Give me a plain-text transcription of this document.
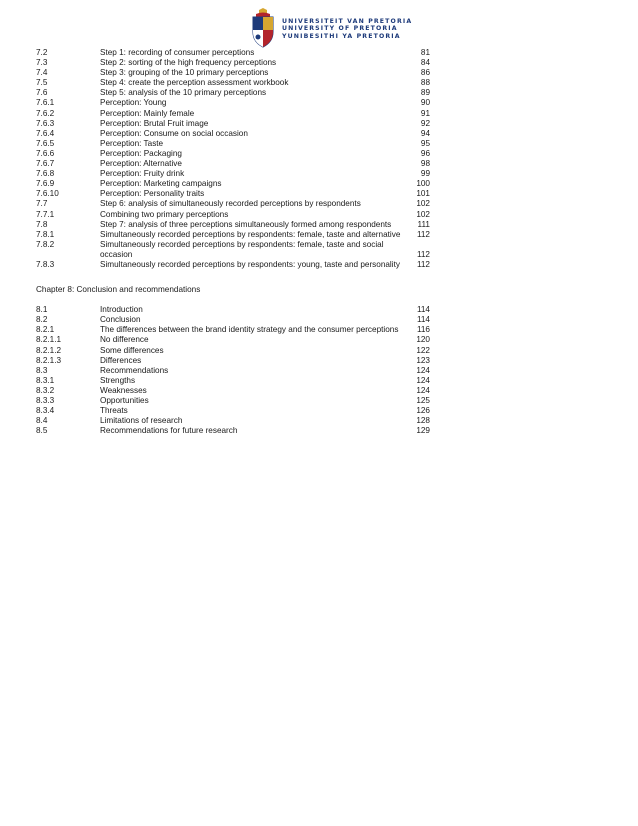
UNIVERSITEIT VAN PRETORIA
UNIVERSITY OF PRETORIA
YUNIBESITHI YA PRETORIA
7.2	Step 1: recording of consumer perceptions	81
7.3	Step 2: sorting of the high frequency perceptions	84
7.4	Step 3: grouping of the 10 primary perceptions	86
7.5	Step 4: create the perception assessment workbook	88
7.6	Step 5: analysis of the 10 primary perceptions	89
7.6.1	Perception: Young	90
7.6.2	Perception: Mainly female	91
7.6.3	Perception: Brutal Fruit image	92
7.6.4	Perception: Consume on social occasion	94
7.6.5	Perception: Taste	95
7.6.6	Perception: Packaging	96
7.6.7	Perception: Alternative	98
7.6.8	Perception: Fruity drink	99
7.6.9	Perception: Marketing campaigns	100
7.6.10	Perception: Personality traits	101
7.7	Step 6: analysis of simultaneously recorded perceptions by respondents	102
7.7.1	Combining two primary perceptions	102
7.8	Step 7: analysis of three perceptions simultaneously formed among respondents	111
7.8.1	Simultaneously recorded perceptions by respondents: female, taste and alternative	112
7.8.2	Simultaneously recorded perceptions by respondents: female, taste and social occasion	112
7.8.3	Simultaneously recorded perceptions by respondents: young, taste and personality	112
Chapter 8: Conclusion and recommendations
8.1	Introduction	114
8.2	Conclusion	114
8.2.1	The differences between the brand identity strategy and the consumer perceptions	116
8.2.1.1	No difference	120
8.2.1.2	Some differences	122
8.2.1.3	Differences	123
8.3	Recommendations	124
8.3.1	Strengths	124
8.3.2	Weaknesses	124
8.3.3	Opportunities	125
8.3.4	Threats	126
8.4	Limitations of research	128
8.5	Recommendations for future research	129
